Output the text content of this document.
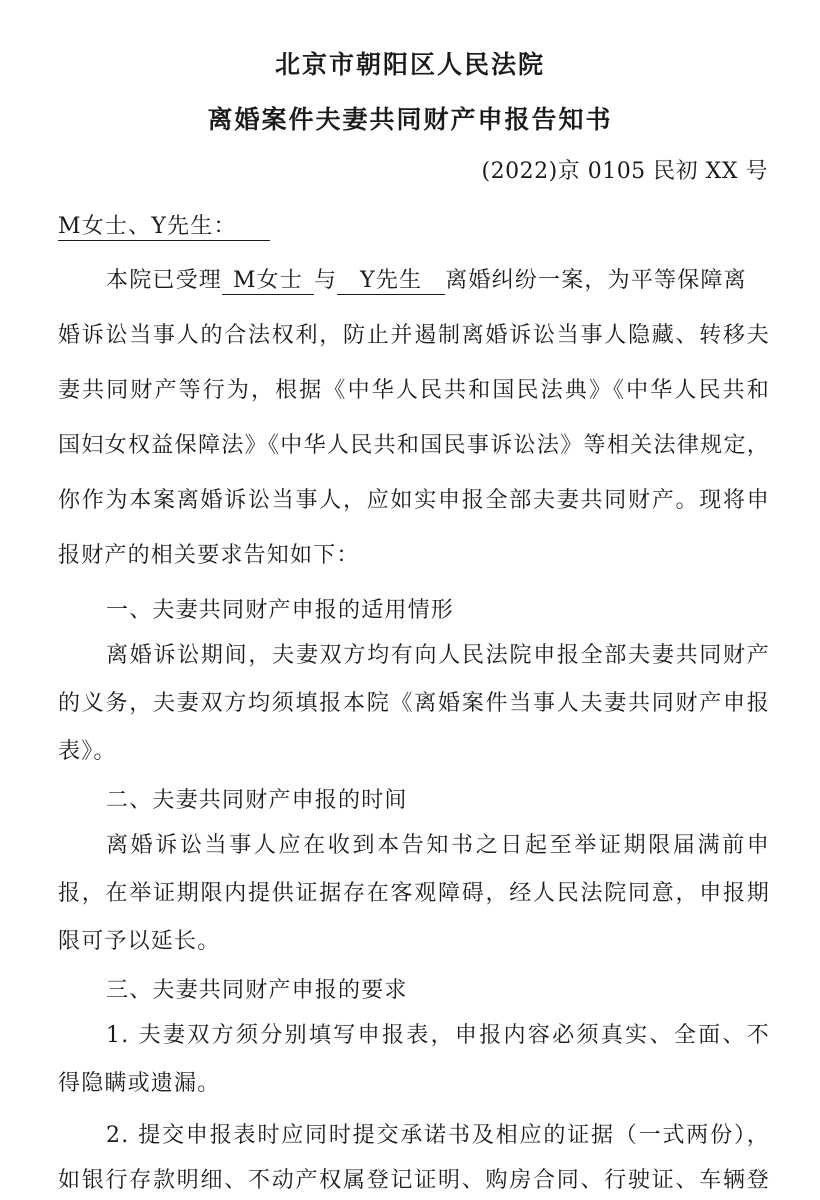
北京市朝阳区人民法院
离婚案件夫妻共同财产申报告知书
(2022)京 0105 民初 XX 号
M女士、Y先生：
本院已受理 M女士 与 Y先生 离婚纠纷一案，为平等保障离
婚诉讼当事人的合法权利，防止并遏制离婚诉讼当事人隐藏、转移夫
妻共同财产等行为，根据《中华人民共和国民法典》《中华人民共和
国妇女权益保障法》《中华人民共和国民事诉讼法》等相关法律规定，
你作为本案离婚诉讼当事人，应如实申报全部夫妻共同财产。现将申
报财产的相关要求告知如下：
一、夫妻共同财产申报的适用情形
离婚诉讼期间，夫妻双方均有向人民法院申报全部夫妻共同财产
的义务，夫妻双方均须填报本院《离婚案件当事人夫妻共同财产申报
表》。
二、夫妻共同财产申报的时间
离婚诉讼当事人应在收到本告知书之日起至举证期限届满前申
报，在举证期限内提供证据存在客观障碍，经人民法院同意，申报期
限可予以延长。
三、夫妻共同财产申报的要求
1. 夫妻双方须分别填写申报表，申报内容必须真实、全面、不
得隐瞒或遗漏。
2. 提交申报表时应同时提交承诺书及相应的证据（一式两份），
如银行存款明细、不动产权属登记证明、购房合同、行驶证、车辆登
